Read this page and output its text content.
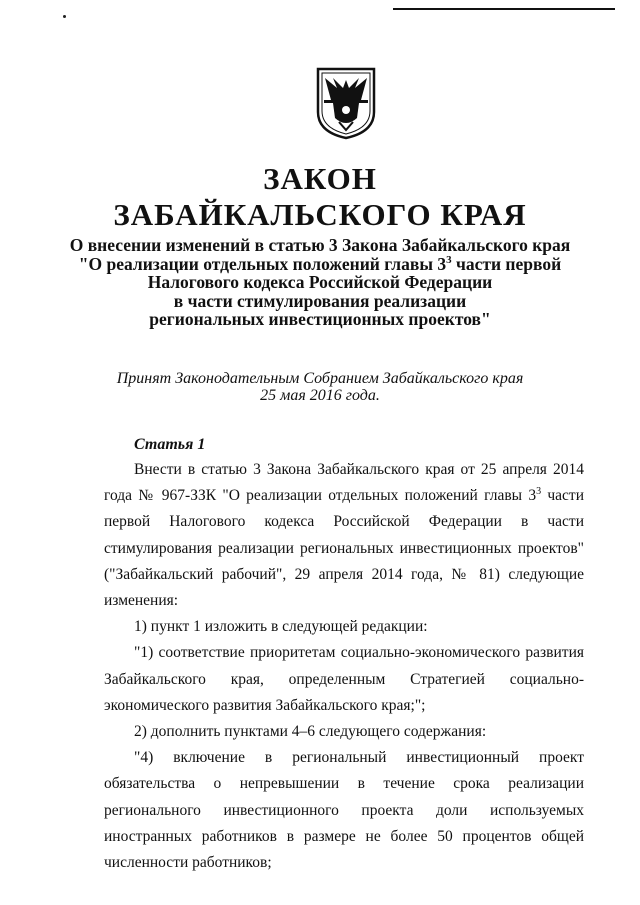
ЗАКОН
ЗАБАЙКАЛЬСКОГО КРАЯ
О внесении изменений в статью 3 Закона Забайкальского края
"О реализации отдельных положений главы $3^3$ части первой
Налогового кодекса Российской Федерации
в части стимулирования реализации
региональных инвестиционных проектов"
Принят Законодательным Собранием Забайкальского края
25 мая 2016 года.
Статья 1

Внести в статью 3 Закона Забайкальского края от 25 апреля 2014 года № 967-ЗЗК "О реализации отдельных положений главы $3^3$ части первой Налогового кодекса Российской Федерации в части стимулирования реализации региональных инвестиционных проектов" ("Забайкальский рабочий", 29 апреля 2014 года, № 81) следующие изменения:

1) пункт 1 изложить в следующей редакции:

"1) соответствие приоритетам социально-экономического развития Забайкальского края, определенным Стратегией социально-экономического развития Забайкальского края;";

2) дополнить пунктами 4–6 следующего содержания:

"4) включение в региональный инвестиционный проект обязательства о непревышении в течение срока реализации регионального инвестиционного проекта доли используемых иностранных работников в размере не более 50 процентов общей численности работников;
